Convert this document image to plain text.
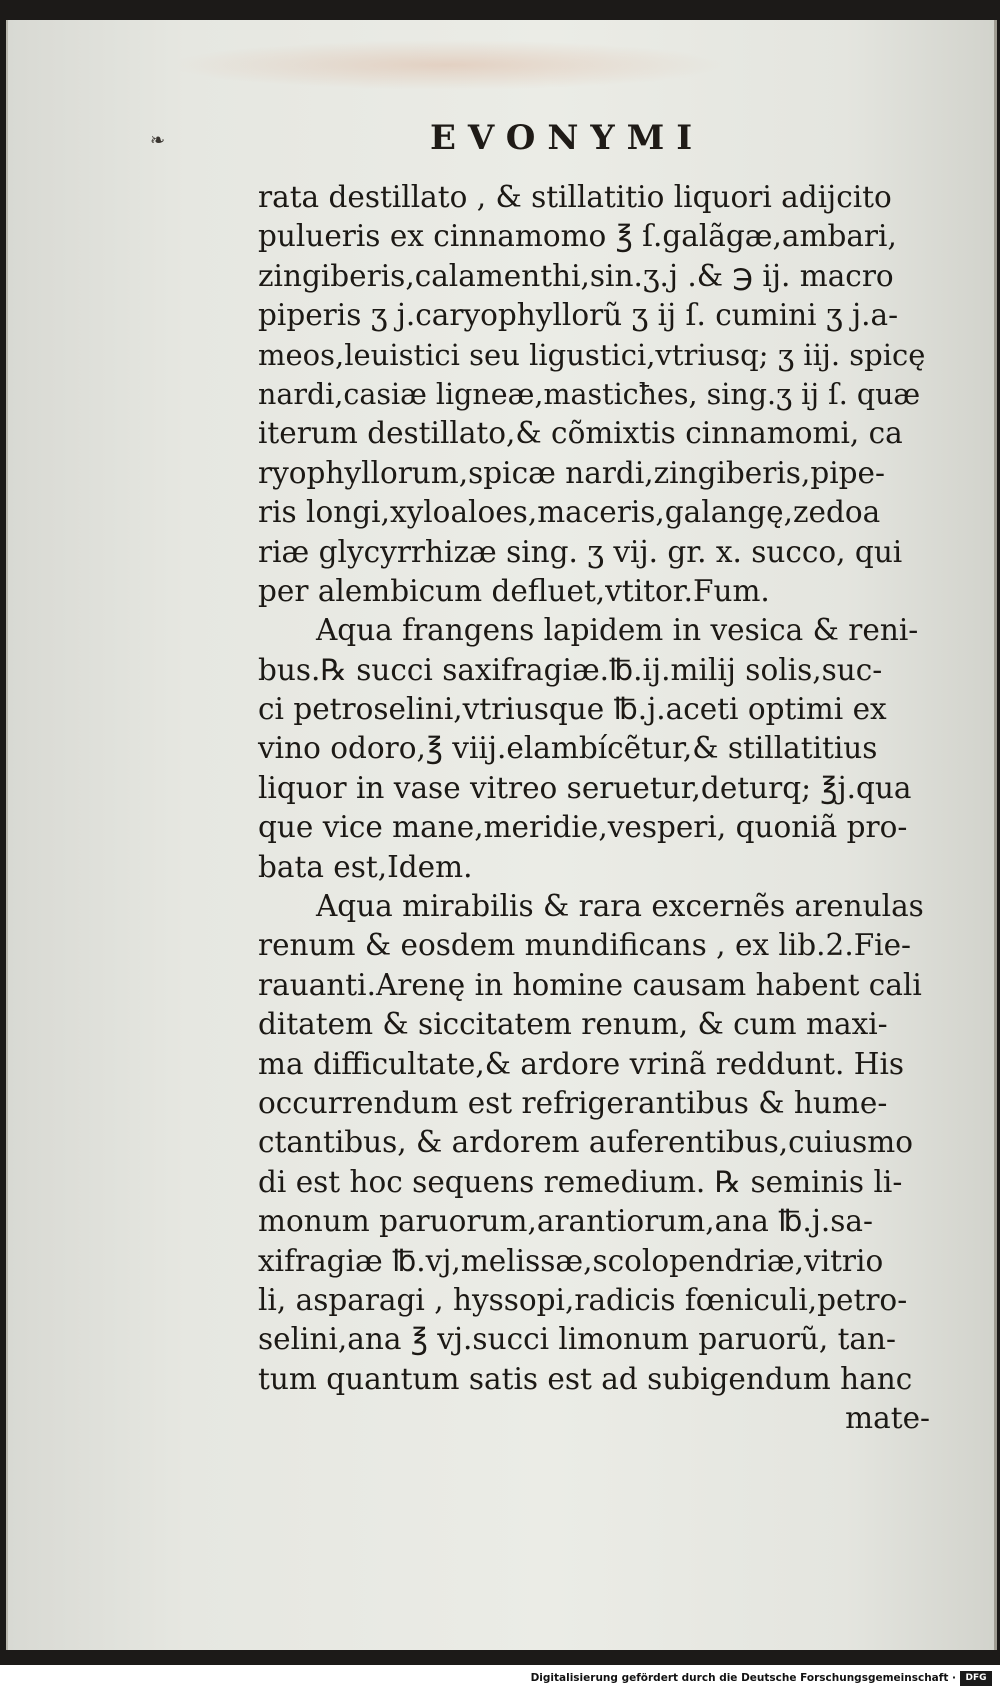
❧	EVONYMI
rata destillato , & stillatitio liquori adijcito
pulueris ex cinnamomo ℥ ſ.galãgæ,ambari,
zingiberis,calamenthi,sin.ʒ.j .& ℈ ij. macro
piperis ʒ j.caryophyllorũ ʒ ij ſ. cumini ʒ j.a-
meos,leuistici seu ligustici,vtriusq; ʒ iij. spicę
nardi,casiæ ligneæ,masticħes, sing.ʒ ij ſ. quæ
iterum destillato,& cõmixtis cinnamomi, ca
ryophyllorum,spicæ nardi,zingiberis,pipe-
ris longi,xyloaloes,maceris,galangę,zedoa
riæ glycyrrhizæ sing. ʒ vij. gr. x. succo, qui
per alembicum defluet,vtitor.Fum.
Aqua frangens lapidem in vesica & reni-
bus.℞ succi saxifragiæ.℔.ij.milij solis,suc-
ci petroselini,vtriusque ℔.j.aceti optimi ex
vino odoro,℥ viij.elambícẽtur,& stillatitius
liquor in vase vitreo seruetur,deturq; ℥j.qua
que vice mane,meridie,vesperi, quoniã pro-
bata est,Idem.
Aqua mirabilis & rara excernẽs arenulas
renum & eosdem mundificans , ex lib.2.Fie-
rauanti.Arenę in homine causam habent cali
ditatem & siccitatem renum, & cum maxi-
ma difficultate,& ardore vrinã reddunt. His
occurrendum est refrigerantibus & hume-
ctantibus, & ardorem auferentibus,cuiusmo
di est hoc sequens remedium. ℞ seminis li-
monum paruorum,arantiorum,ana ℔.j.sa-
xifragiæ ℔.vj,melissæ,scolopendriæ,vitrio
li, asparagi , hyssopi,radicis fœniculi,petro-
selini,ana ℥ vj.succi limonum paruorũ, tan-
tum quantum satis est ad subigendum hanc
mate-
Digitalisierung gefördert durch die Deutsche Forschungsgemeinschaft ·	DFG
